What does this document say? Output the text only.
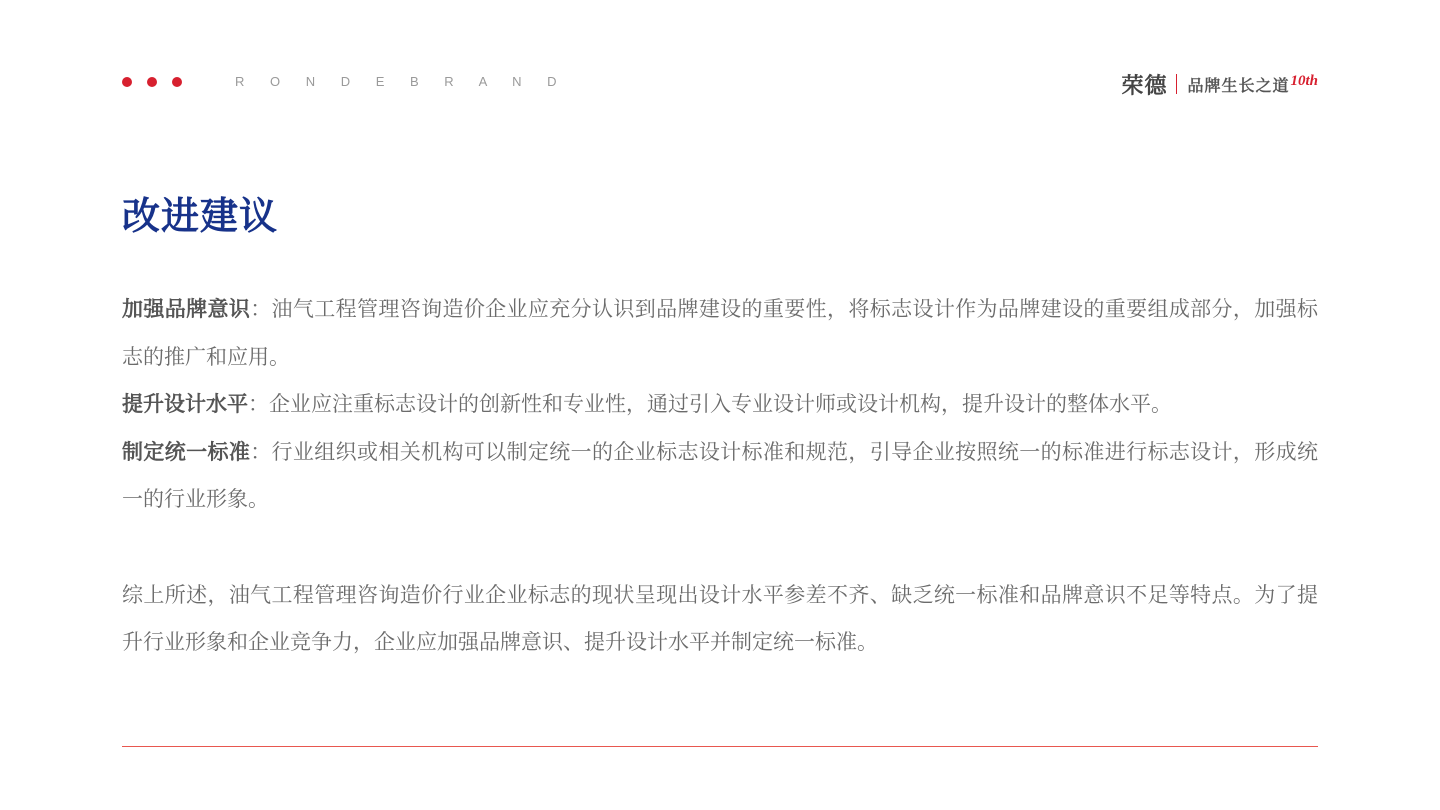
R O N D E B R A N D	荣德 品牌生长之道 10th
改进建议

加强品牌意识：油气工程管理咨询造价企业应充分认识到品牌建设的重要性，将标志设计作为品牌建设的重要组成部分，加强标志的推广和应用。

提升设计水平：企业应注重标志设计的创新性和专业性，通过引入专业设计师或设计机构，提升设计的整体水平。

制定统一标准：行业组织或相关机构可以制定统一的企业标志设计标准和规范，引导企业按照统一的标准进行标志设计，形成统一的行业形象。

综上所述，油气工程管理咨询造价行业企业标志的现状呈现出设计水平参差不齐、缺乏统一标准和品牌意识不足等特点。为了提升行业形象和企业竞争力，企业应加强品牌意识、提升设计水平并制定统一标准。
